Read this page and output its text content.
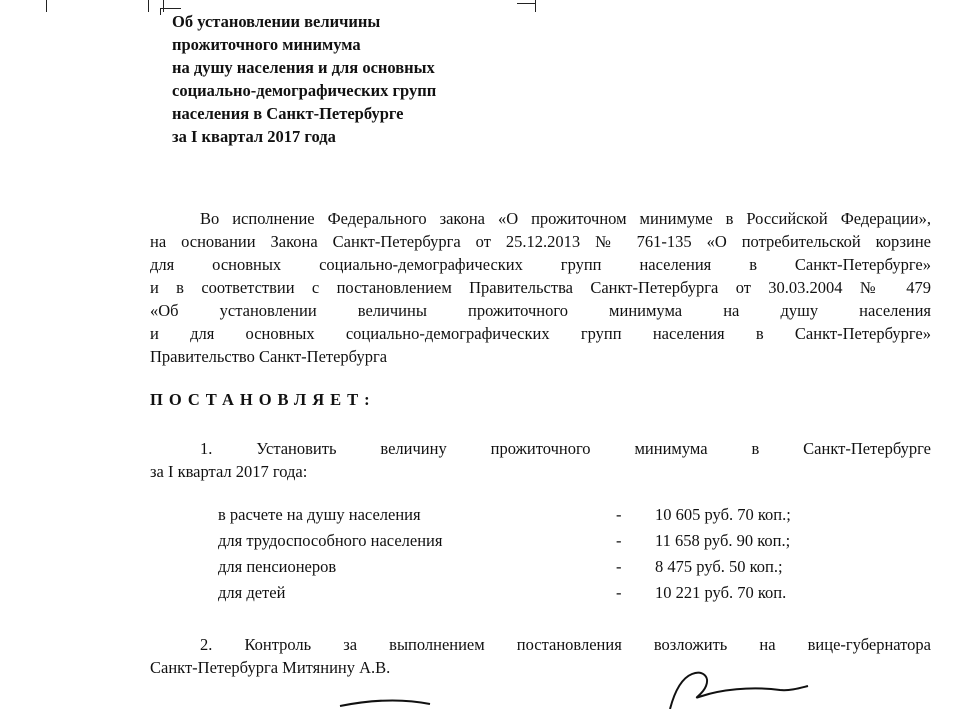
Об установлении величины
прожиточного минимума
на душу населения и для основных
социально-демографических групп
населения в Санкт-Петербурге
за I квартал 2017 года
Во исполнение Федерального закона «О прожиточном минимуме в Российской Федерации»,
на основании Закона Санкт-Петербурга от 25.12.2013 № 761-135 «О потребительской корзине
для основных социально-демографических групп населения в Санкт-Петербурге»
и в соответствии с постановлением Правительства Санкт-Петербурга от 30.03.2004 № 479
«Об установлении величины прожиточного минимума на душу населения
и для основных социально-демографических групп населения в Санкт-Петербурге»
Правительство Санкт-Петербурга
ПОСТАНОВЛЯЕТ:
1. Установить величину прожиточного минимума в Санкт-Петербурге
за I квартал 2017 года:
в расчете на душу населения	- 10 605 руб. 70 коп.;
для трудоспособного населения	- 11 658 руб. 90 коп.;
для пенсионеров	- 8 475 руб. 50 коп.;
для детей	- 10 221 руб. 70 коп.
2. Контроль за выполнением постановления возложить на вице-губернатора
Санкт-Петербурга Митянину А.В.
